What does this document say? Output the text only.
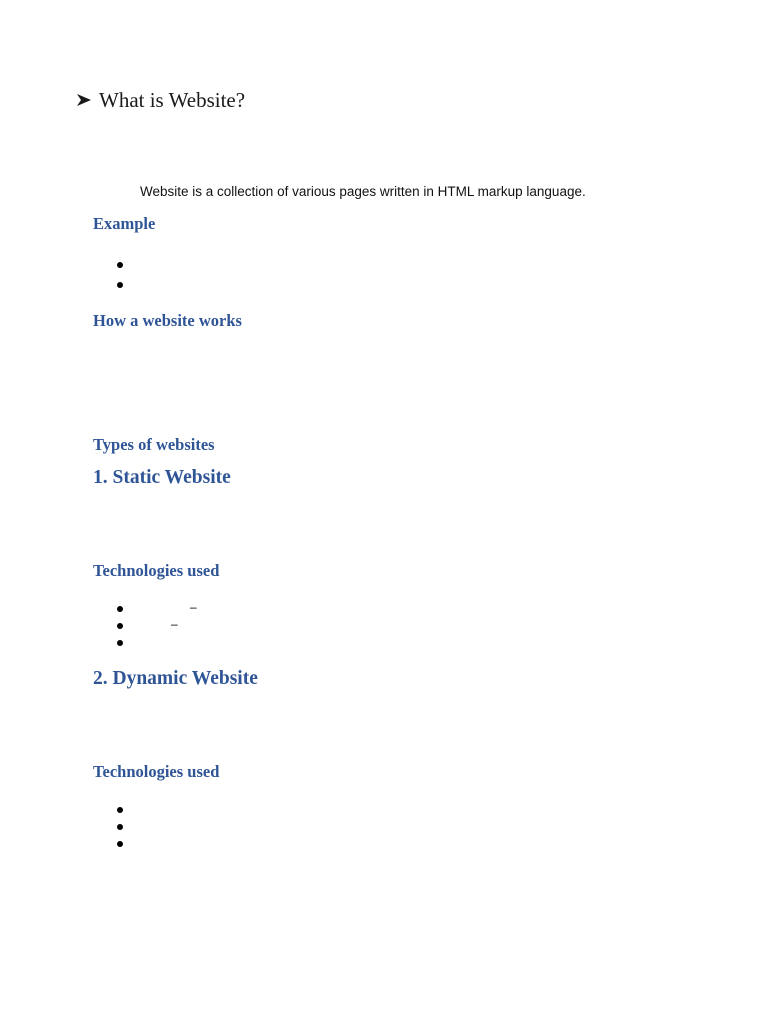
What is Website?
Website is a collection of various pages written in HTML markup language.
Example
How a website works
Types of websites
1. Static Website
Technologies used
–
–
2. Dynamic Website
Technologies used
